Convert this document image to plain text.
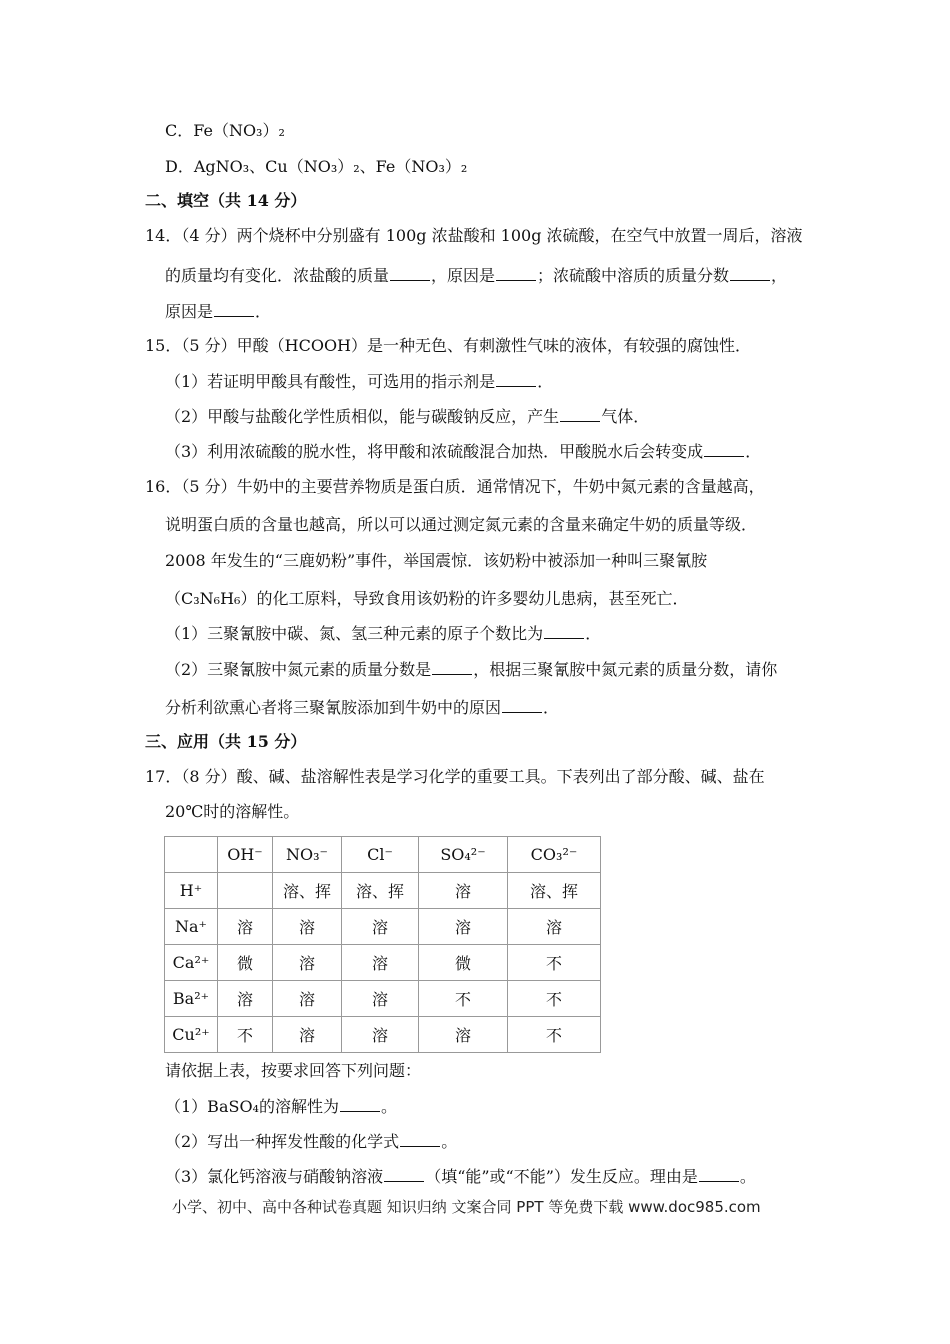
C．Fe（NO₃）₂
D．AgNO₃、Cu（NO₃）₂、Fe（NO₃）₂
二、填空（共 14 分）
14．（4 分）两个烧杯中分别盛有 100g 浓盐酸和 100g 浓硫酸，在空气中放置一周后，溶液
的质量均有变化．浓盐酸的质量	，原因是	；浓硫酸中溶质的质量分数	，
原因是	．
15．（5 分）甲酸（HCOOH）是一种无色、有刺激性气味的液体，有较强的腐蚀性．
（1）若证明甲酸具有酸性，可选用的指示剂是	．
（2）甲酸与盐酸化学性质相似，能与碳酸钠反应，产生	气体．
（3）利用浓硫酸的脱水性，将甲酸和浓硫酸混合加热．甲酸脱水后会转变成	．
16．（5 分）牛奶中的主要营养物质是蛋白质．通常情况下，牛奶中氮元素的含量越高，
说明蛋白质的含量也越高，所以可以通过测定氮元素的含量来确定牛奶的质量等级．
2008 年发生的“三鹿奶粉”事件，举国震惊．该奶粉中被添加一种叫三聚氰胺
（C₃N₆H₆）的化工原料，导致食用该奶粉的许多婴幼儿患病，甚至死亡．
（1）三聚氰胺中碳、氮、氢三种元素的原子个数比为	．
（2）三聚氰胺中氮元素的质量分数是	，根据三聚氰胺中氮元素的质量分数，请你
分析利欲熏心者将三聚氰胺添加到牛奶中的原因	．
三、应用（共 15 分）
17．（8 分）酸、碱、盐溶解性表是学习化学的重要工具。下表列出了部分酸、碱、盐在
20℃时的溶解性。
	OH⁻	NO₃⁻	Cl⁻	SO₄²⁻	CO₃²⁻
H⁺		溶、挥	溶、挥	溶	溶、挥
Na⁺	溶	溶	溶	溶	溶
Ca²⁺	微	溶	溶	微	不
Ba²⁺	溶	溶	溶	不	不
Cu²⁺	不	溶	溶	溶	不
请依据上表，按要求回答下列问题：
（1）BaSO₄的溶解性为	。
（2）写出一种挥发性酸的化学式	。
（3）氯化钙溶液与硝酸钠溶液	（填“能”或“不能”）发生反应。理由是	。
小学、初中、高中各种试卷真题 知识归纳 文案合同 PPT 等免费下载 www.doc985.com
